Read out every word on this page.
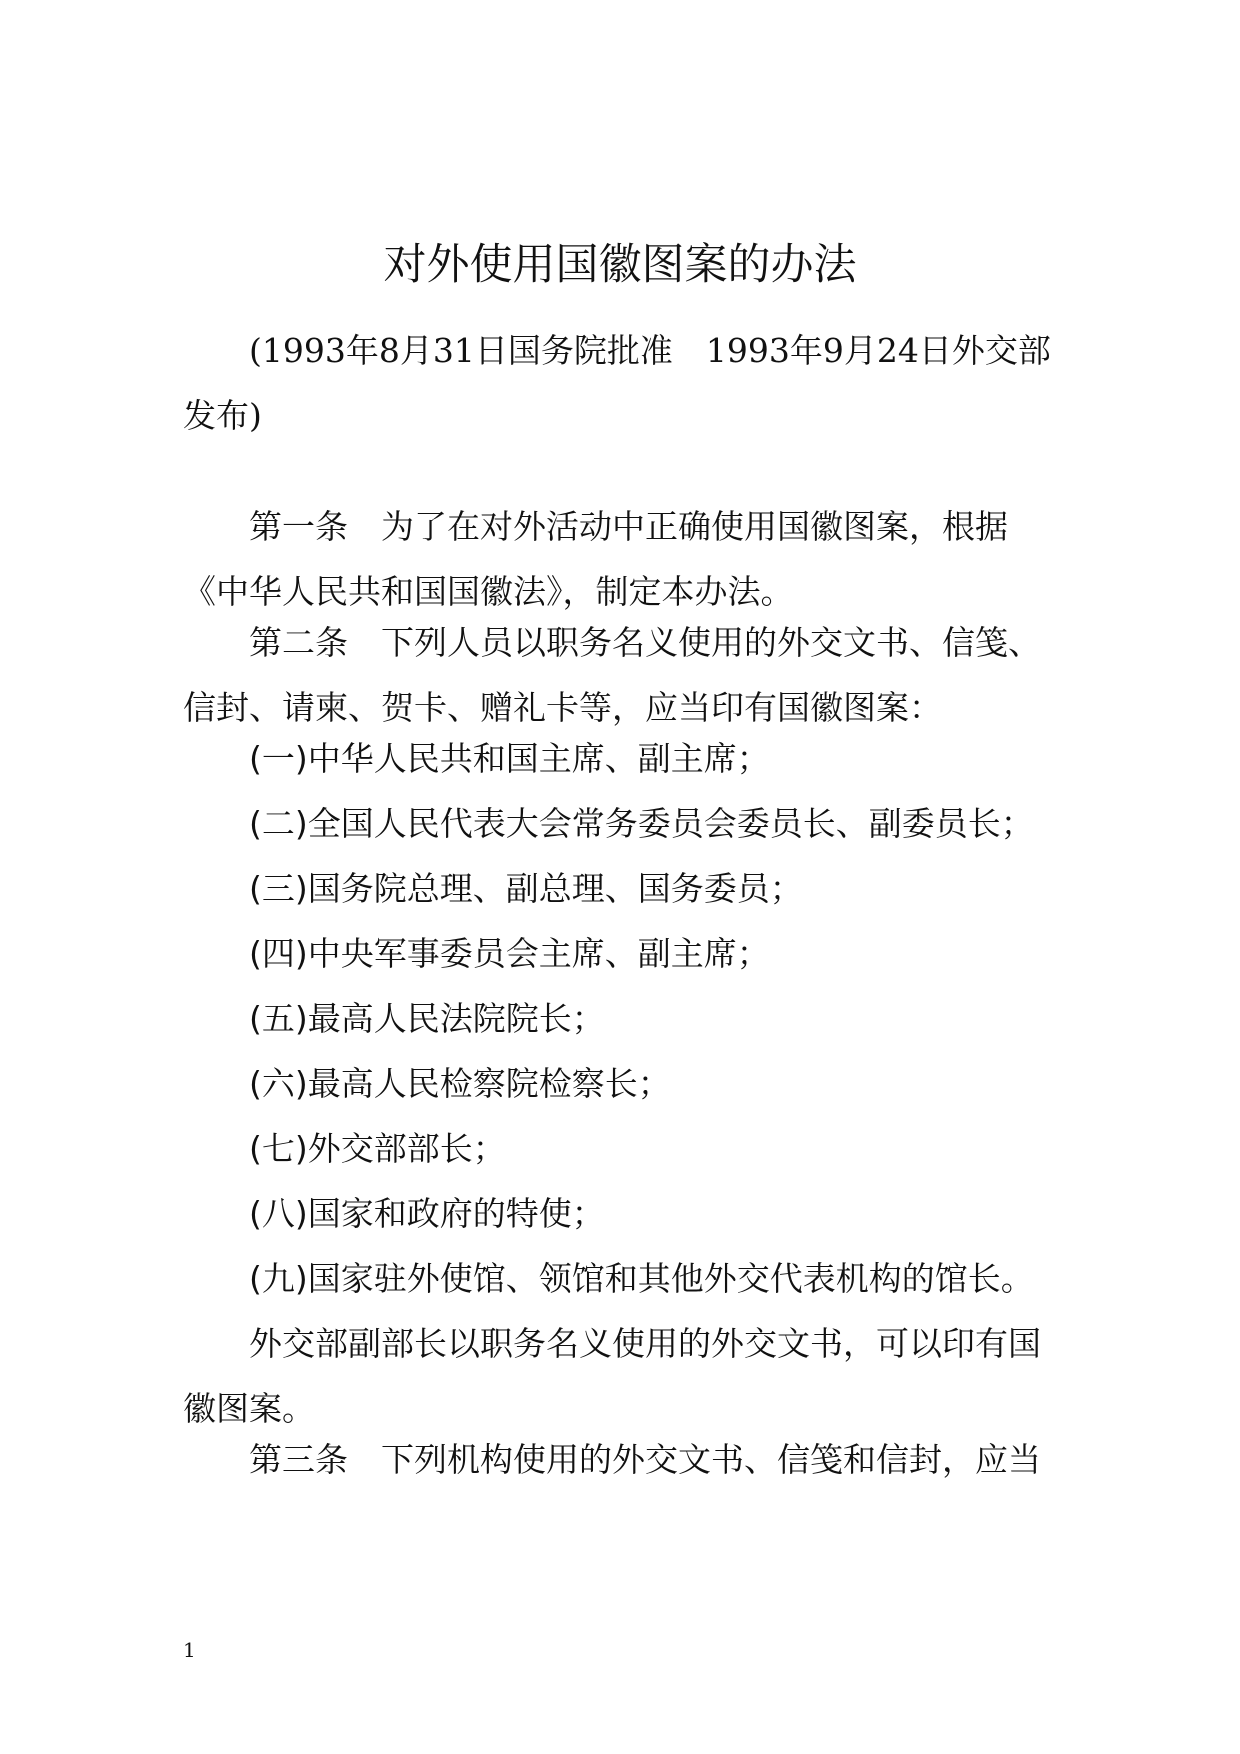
对外使用国徽图案的办法

(1993年8月31日国务院批准　1993年9月24日外交部发布)

第一条 为了在对外活动中正确使用国徽图案，根据《中华人民共和国国徽法》，制定本办法。

第二条 下列人员以职务名义使用的外交文书、信笺、信封、请柬、贺卡、赠礼卡等，应当印有国徽图案：

(一)中华人民共和国主席、副主席；

(二)全国人民代表大会常务委员会委员长、副委员长；

(三)国务院总理、副总理、国务委员；

(四)中央军事委员会主席、副主席；

(五)最高人民法院院长；

(六)最高人民检察院检察长；

(七)外交部部长；

(八)国家和政府的特使；

(九)国家驻外使馆、领馆和其他外交代表机构的馆长。

外交部副部长以职务名义使用的外交文书，可以印有国徽图案。

第三条 下列机构使用的外交文书、信笺和信封，应当

1
